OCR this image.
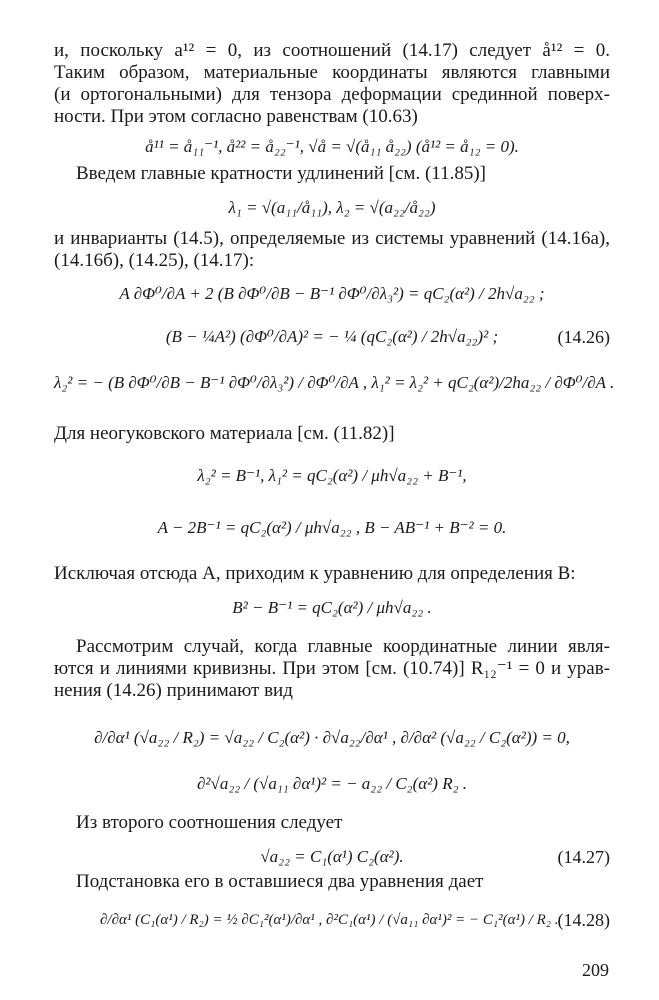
и, поскольку a¹² = 0, из соотношений (14.17) следует å¹² = 0.

Таким образом, материальные координаты являются главными

(и ортогональными) для тензора деформации срединной поверх-

ности. При этом согласно равенствам (10.63)

å¹¹ = å₁₁⁻¹, å²² = å₂₂⁻¹, √å = √(å₁₁ å₂₂) (å¹² = å₁₂ = 0).

Введем главные кратности удлинений [см. (11.85)]

λ₁ = √(a₁₁/å₁₁), λ₂ = √(a₂₂/å₂₂)

и инварианты (14.5), определяемые из системы уравнений (14.16a),

(14.16б), (14.25), (14.17):

A ∂Φ⁰/∂A + 2 (B ∂Φ⁰/∂B − B⁻¹ ∂Φ⁰/∂λ₃²) = qC₂(α²) / 2h√a₂₂ ;
(B − ¼A²) (∂Φ⁰/∂A)² = − ¼ (qC₂(α²) / 2h√a₂₂)² ;	(14.26)
λ₂² = − (B ∂Φ⁰/∂B − B⁻¹ ∂Φ⁰/∂λ₃²) / ∂Φ⁰/∂A , λ₁² = λ₂² + qC₂(α²)/2ha₂₂ / ∂Φ⁰/∂A .

Для неогуковского материала [см. (11.82)]

λ₂² = B⁻¹, λ₁² = qC₂(α²) / μh√a₂₂ + B⁻¹,
A − 2B⁻¹ = qC₂(α²) / μh√a₂₂ , B − AB⁻¹ + B⁻² = 0.

Исключая отсюда A, приходим к уравнению для определения B:

B² − B⁻¹ = qC₂(α²) / μh√a₂₂ .

Рассмотрим случай, когда главные координатные линии явля-

ются и линиями кривизны. При этом [см. (10.74)] R₁₂⁻¹ = 0 и урав-

нения (14.26) принимают вид

∂/∂α¹ (√a₂₂ / R₂) = √a₂₂ / C₂(α²) · ∂√a₂₂/∂α¹ , ∂/∂α² (√a₂₂ / C₂(α²)) = 0,
∂²√a₂₂ / (√a₁₁ ∂α¹)² = − a₂₂ / C₂(α²) R₂ .

Из второго соотношения следует

√a₂₂ = C₁(α¹) C₂(α²).	(14.27)

Подстановка его в оставшиеся два уравнения дает

∂/∂α¹ (C₁(α¹) / R₂) = ½ ∂C₁²(α¹)/∂α¹ , ∂²C₁(α¹) / (√a₁₁ ∂α¹)² = − C₁²(α¹) / R₂ . (14.28)
209
